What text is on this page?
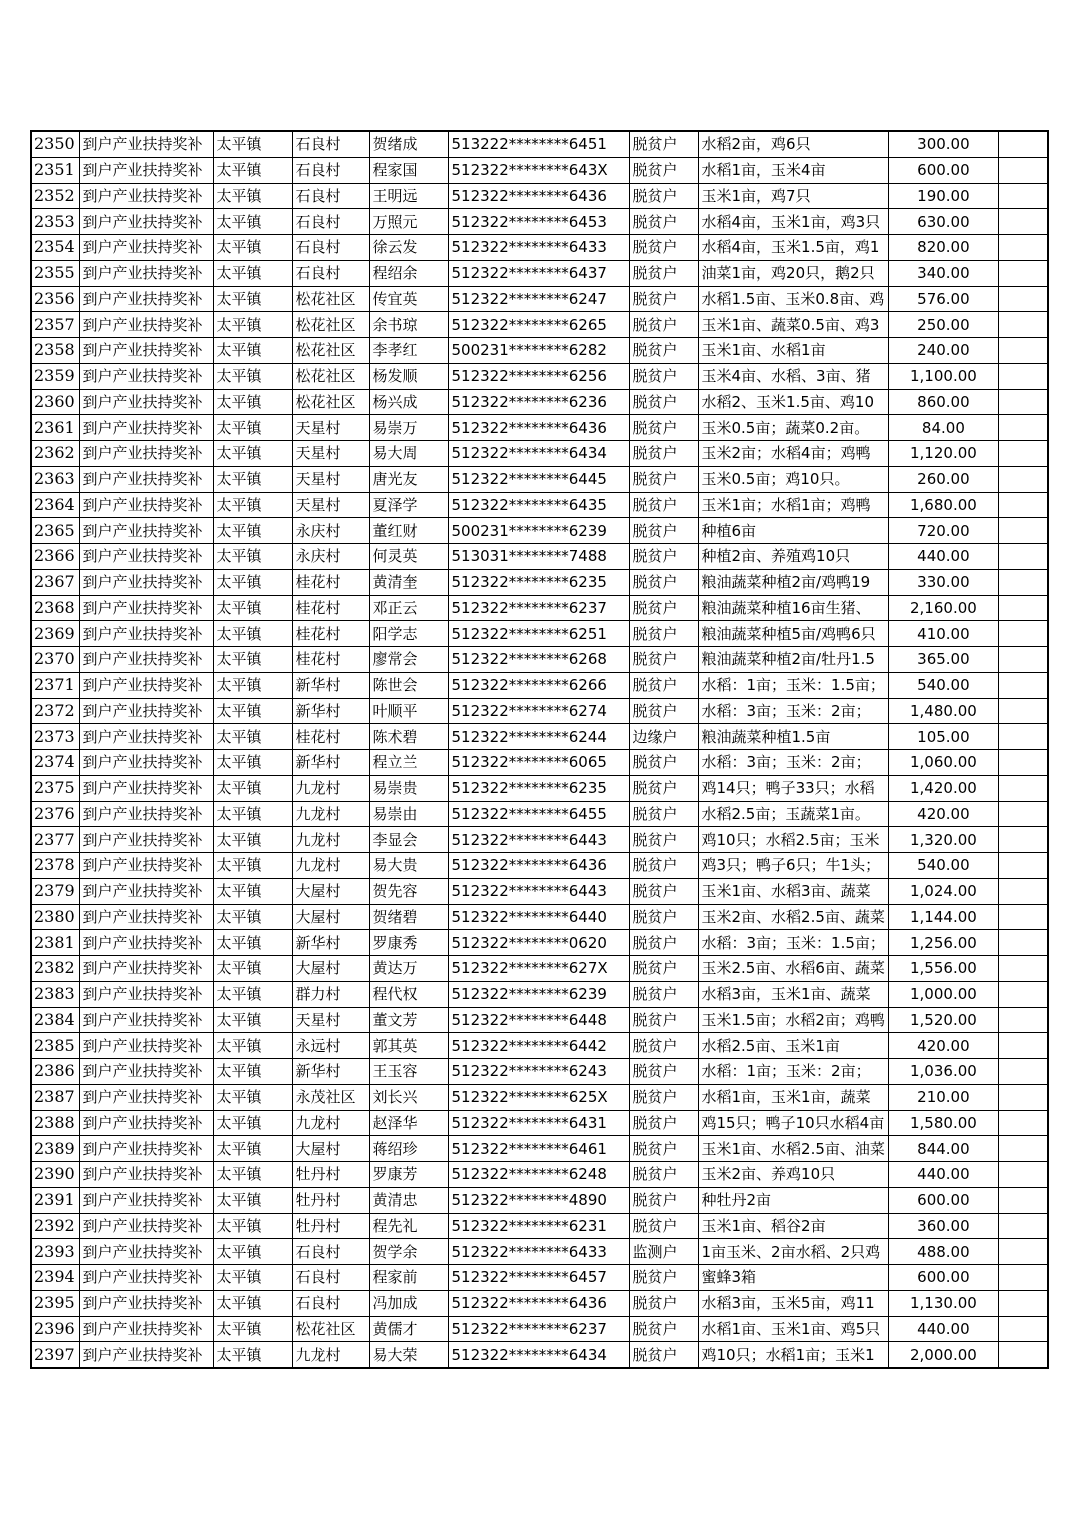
2350	到户产业扶持奖补	太平镇	石良村	贺绪成	513222********6451	脱贫户	水稻2亩，鸡6只	300.00	
2351	到户产业扶持奖补	太平镇	石良村	程家国	512322********643X	脱贫户	水稻1亩，玉米4亩	600.00	
2352	到户产业扶持奖补	太平镇	石良村	王明远	512322********6436	脱贫户	玉米1亩，鸡7只	190.00	
2353	到户产业扶持奖补	太平镇	石良村	万照元	512322********6453	脱贫户	水稻4亩，玉米1亩，鸡3只	630.00	
2354	到户产业扶持奖补	太平镇	石良村	徐云发	512322********6433	脱贫户	水稻4亩，玉米1.5亩，鸡1	820.00	
2355	到户产业扶持奖补	太平镇	石良村	程绍余	512322********6437	脱贫户	油菜1亩，鸡20只，鹅2只	340.00	
2356	到户产业扶持奖补	太平镇	松花社区	传宜英	512322********6247	脱贫户	水稻1.5亩、玉米0.8亩、鸡	576.00	
2357	到户产业扶持奖补	太平镇	松花社区	余书琼	512322********6265	脱贫户	玉米1亩、蔬菜0.5亩、鸡3	250.00	
2358	到户产业扶持奖补	太平镇	松花社区	李孝红	500231********6282	脱贫户	玉米1亩、水稻1亩	240.00	
2359	到户产业扶持奖补	太平镇	松花社区	杨发顺	512322********6256	脱贫户	玉米4亩、水稻、3亩、猪	1,100.00	
2360	到户产业扶持奖补	太平镇	松花社区	杨兴成	512322********6236	脱贫户	水稻2、玉米1.5亩、鸡10	860.00	
2361	到户产业扶持奖补	太平镇	天星村	易崇万	512322********6436	脱贫户	玉米0.5亩；蔬菜0.2亩。	84.00	
2362	到户产业扶持奖补	太平镇	天星村	易大周	512322********6434	脱贫户	玉米2亩；水稻4亩；鸡鸭	1,120.00	
2363	到户产业扶持奖补	太平镇	天星村	唐光友	512322********6445	脱贫户	玉米0.5亩；鸡10只。	260.00	
2364	到户产业扶持奖补	太平镇	天星村	夏泽学	512322********6435	脱贫户	玉米1亩；水稻1亩；鸡鸭	1,680.00	
2365	到户产业扶持奖补	太平镇	永庆村	董红财	500231********6239	脱贫户	种植6亩	720.00	
2366	到户产业扶持奖补	太平镇	永庆村	何灵英	513031********7488	脱贫户	种植2亩、养殖鸡10只	440.00	
2367	到户产业扶持奖补	太平镇	桂花村	黄清奎	512322********6235	脱贫户	粮油蔬菜种植2亩/鸡鸭19	330.00	
2368	到户产业扶持奖补	太平镇	桂花村	邓正云	512322********6237	脱贫户	粮油蔬菜种植16亩生猪、	2,160.00	
2369	到户产业扶持奖补	太平镇	桂花村	阳学志	512322********6251	脱贫户	粮油蔬菜种植5亩/鸡鸭6只	410.00	
2370	到户产业扶持奖补	太平镇	桂花村	廖常会	512322********6268	脱贫户	粮油蔬菜种植2亩/牡丹1.5	365.00	
2371	到户产业扶持奖补	太平镇	新华村	陈世会	512322********6266	脱贫户	水稻：1亩；玉米：1.5亩；	540.00	
2372	到户产业扶持奖补	太平镇	新华村	叶顺平	512322********6274	脱贫户	水稻：3亩；玉米：2亩；	1,480.00	
2373	到户产业扶持奖补	太平镇	桂花村	陈术碧	512322********6244	边缘户	粮油蔬菜种植1.5亩	105.00	
2374	到户产业扶持奖补	太平镇	新华村	程立兰	512322********6065	脱贫户	水稻：3亩；玉米：2亩；	1,060.00	
2375	到户产业扶持奖补	太平镇	九龙村	易崇贵	512322********6235	脱贫户	鸡14只；鸭子33只；水稻	1,420.00	
2376	到户产业扶持奖补	太平镇	九龙村	易崇由	512322********6455	脱贫户	水稻2.5亩；玉蔬菜1亩。	420.00	
2377	到户产业扶持奖补	太平镇	九龙村	李显会	512322********6443	脱贫户	鸡10只；水稻2.5亩；玉米	1,320.00	
2378	到户产业扶持奖补	太平镇	九龙村	易大贵	512322********6436	脱贫户	鸡3只；鸭子6只；牛1头；	540.00	
2379	到户产业扶持奖补	太平镇	大屋村	贺先容	512322********6443	脱贫户	玉米1亩、水稻3亩、蔬菜	1,024.00	
2380	到户产业扶持奖补	太平镇	大屋村	贺绪碧	512322********6440	脱贫户	玉米2亩、水稻2.5亩、蔬菜	1,144.00	
2381	到户产业扶持奖补	太平镇	新华村	罗康秀	512322********0620	脱贫户	水稻：3亩；玉米：1.5亩；	1,256.00	
2382	到户产业扶持奖补	太平镇	大屋村	黄达万	512322********627X	脱贫户	玉米2.5亩、水稻6亩、蔬菜	1,556.00	
2383	到户产业扶持奖补	太平镇	群力村	程代权	512322********6239	脱贫户	水稻3亩，玉米1亩、蔬菜	1,000.00	
2384	到户产业扶持奖补	太平镇	天星村	董文芳	512322********6448	脱贫户	玉米1.5亩；水稻2亩；鸡鸭	1,520.00	
2385	到户产业扶持奖补	太平镇	永远村	郭其英	512322********6442	脱贫户	水稻2.5亩、玉米1亩	420.00	
2386	到户产业扶持奖补	太平镇	新华村	王玉容	512322********6243	脱贫户	水稻：1亩；玉米：2亩；	1,036.00	
2387	到户产业扶持奖补	太平镇	永茂社区	刘长兴	512322********625X	脱贫户	水稻1亩，玉米1亩，蔬菜	210.00	
2388	到户产业扶持奖补	太平镇	九龙村	赵泽华	512322********6431	脱贫户	鸡15只；鸭子10只水稻4亩	1,580.00	
2389	到户产业扶持奖补	太平镇	大屋村	蒋绍珍	512322********6461	脱贫户	玉米1亩、水稻2.5亩、油菜	844.00	
2390	到户产业扶持奖补	太平镇	牡丹村	罗康芳	512322********6248	脱贫户	玉米2亩、养鸡10只	440.00	
2391	到户产业扶持奖补	太平镇	牡丹村	黄清忠	512322********4890	脱贫户	种牡丹2亩	600.00	
2392	到户产业扶持奖补	太平镇	牡丹村	程先礼	512322********6231	脱贫户	玉米1亩、稻谷2亩	360.00	
2393	到户产业扶持奖补	太平镇	石良村	贺学余	512322********6433	监测户	1亩玉米、2亩水稻、2只鸡	488.00	
2394	到户产业扶持奖补	太平镇	石良村	程家前	512322********6457	脱贫户	蜜蜂3箱	600.00	
2395	到户产业扶持奖补	太平镇	石良村	冯加成	512322********6436	脱贫户	水稻3亩，玉米5亩，鸡11	1,130.00	
2396	到户产业扶持奖补	太平镇	松花社区	黄儒才	512322********6237	脱贫户	水稻1亩、玉米1亩、鸡5只	440.00	
2397	到户产业扶持奖补	太平镇	九龙村	易大荣	512322********6434	脱贫户	鸡10只；水稻1亩；玉米1	2,000.00	
